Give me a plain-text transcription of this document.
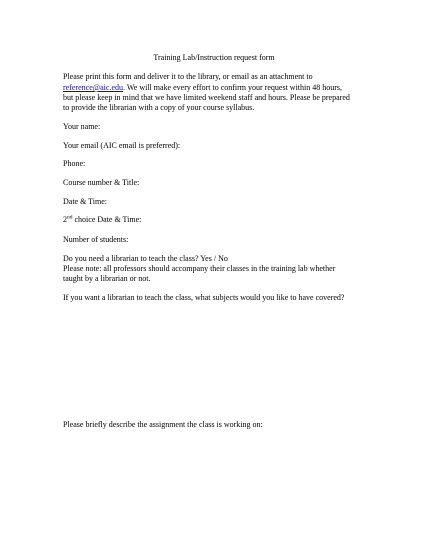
Training Lab/Instruction request form
Please print this form and deliver it to the library, or email as an attachment to
reference@aic.edu. We will make every effort to confirm your request within 48 hours,
but please keep in mind that we have limited weekend staff and hours. Please be prepared
to provide the librarian with a copy of your course syllabus.
Your name:
Your email (AIC email is preferred):
Phone:
Course number & Title:
Date & Time:
2nd choice Date & Time:
Number of students:
Do you need a librarian to teach the class? Yes / No
Please note: all professors should accompany their classes in the training lab whether
taught by a librarian or not.
If you want a librarian to teach the class, what subjects would you like to have covered?
Please briefly describe the assignment the class is working on:
